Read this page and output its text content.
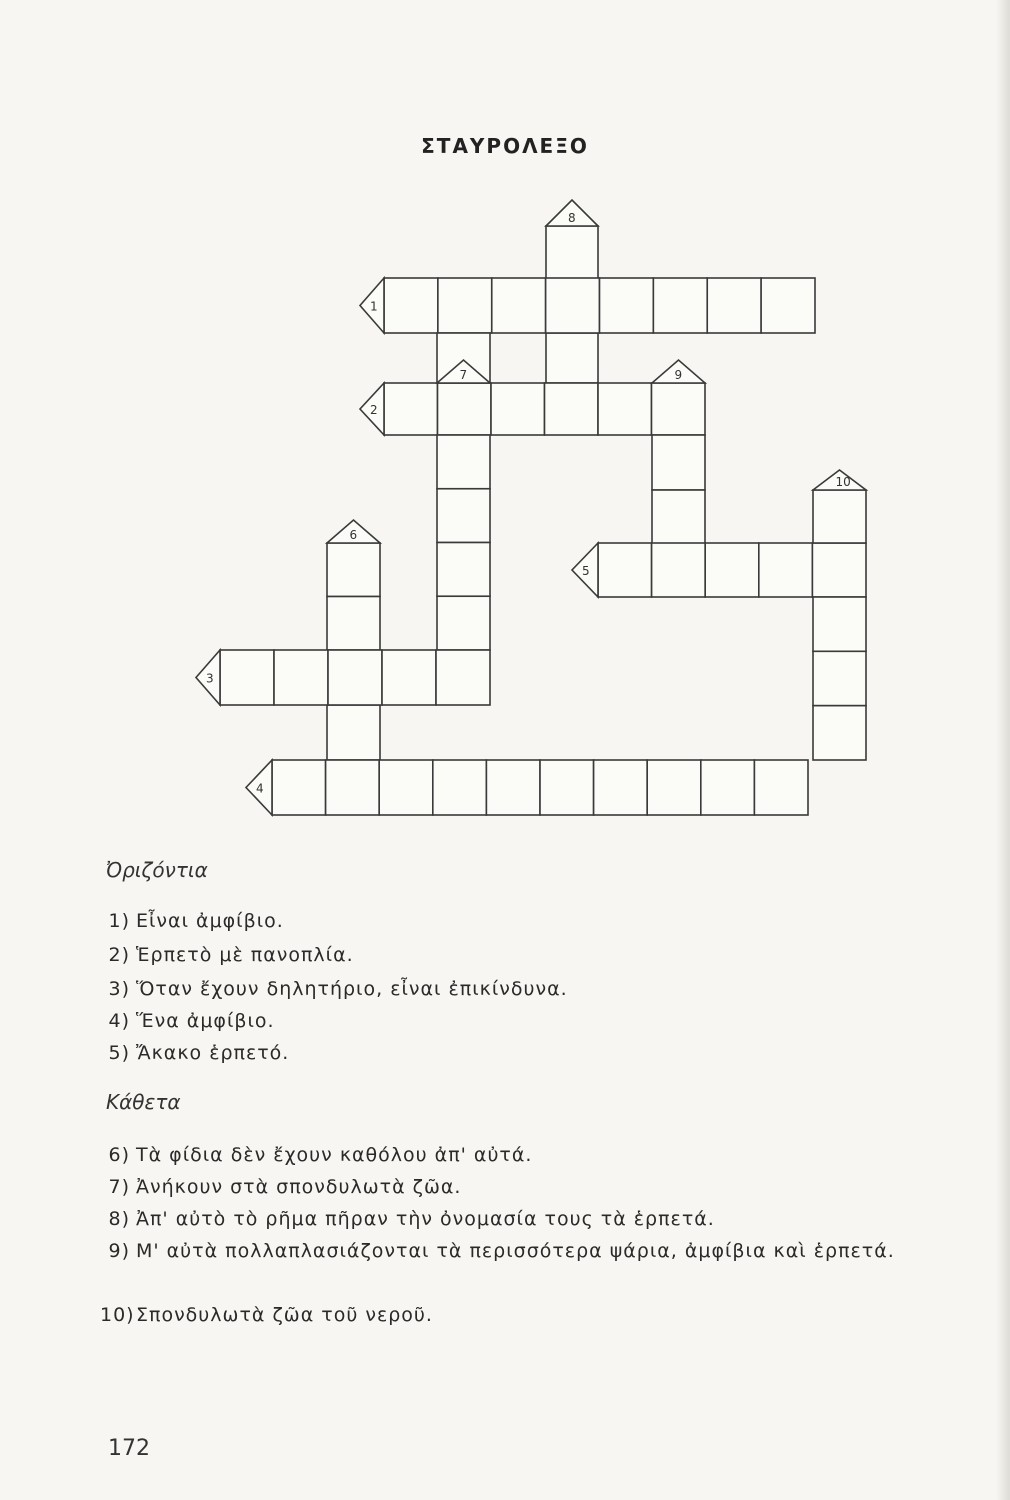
ΣΤΑΥΡΟΛΕΞΟ
1
2
3
4
5
8
6
7	9
10
Ὀριζόντια
1) Εἶναι ἀμφίβιο.
2) Ἑρπετὸ μὲ πανοπλία.
3) Ὅταν ἔχουν δηλητήριο, εἶναι ἐπικίνδυνα.
4) Ἕνα ἀμφίβιο.
5) Ἄκακο ἑρπετό.
Κάθετα
6) Τὰ φίδια δὲν ἔχουν καθόλου ἀπ' αὐτά.
7) Ἀνήκουν στὰ σπονδυλωτὰ ζῶα.
8) Ἀπ' αὐτὸ τὸ ρῆμα πῆραν τὴν ὀνομασία τους τὰ ἑρπετά.
9) Μ' αὐτὰ πολλαπλασιάζονται τὰ περισσότερα ψάρια, ἀμφίβια καὶ ἑρπετά.
10)Σπονδυλωτὰ ζῶα τοῦ νεροῦ.
172
